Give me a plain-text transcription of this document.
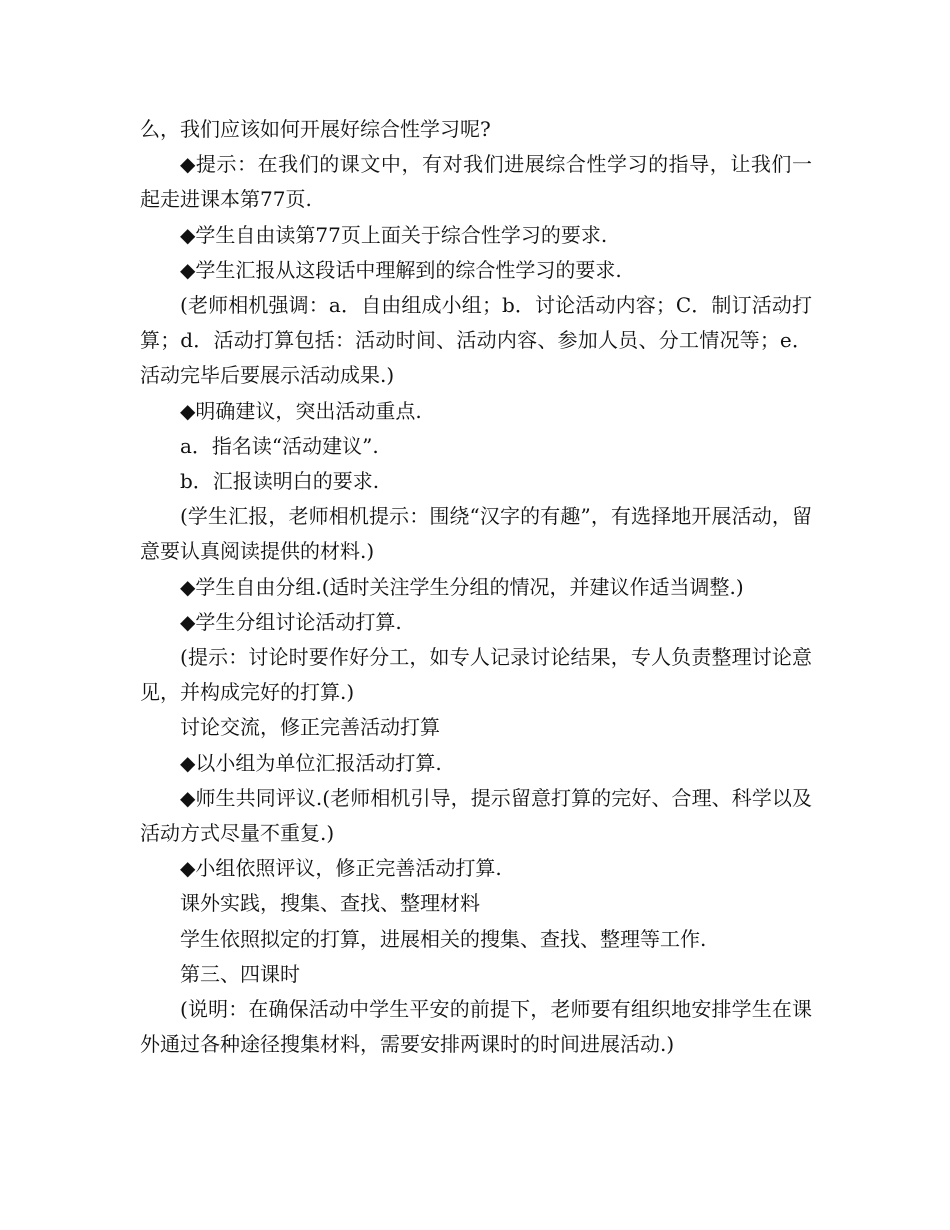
么，我们应该如何开展好综合性学习呢?

◆提示：在我们的课文中，有对我们进展综合性学习的指导，让我们一起走进课本第77页.

◆学生自由读第77页上面关于综合性学习的要求.

◆学生汇报从这段话中理解到的综合性学习的要求.

(老师相机强调：a．自由组成小组；b．讨论活动内容；C．制订活动打算；d．活动打算包括：活动时间、活动内容、参加人员、分工情况等；e．活动完毕后要展示活动成果.)

◆明确建议，突出活动重点.

a．指名读“活动建议”.

b．汇报读明白的要求.

(学生汇报，老师相机提示：围绕“汉字的有趣”，有选择地开展活动，留意要认真阅读提供的材料.)

◆学生自由分组.(适时关注学生分组的情况，并建议作适当调整.)

◆学生分组讨论活动打算.

(提示：讨论时要作好分工，如专人记录讨论结果，专人负责整理讨论意见，并构成完好的打算.)

讨论交流，修正完善活动打算

◆以小组为单位汇报活动打算.

◆师生共同评议.(老师相机引导，提示留意打算的完好、合理、科学以及活动方式尽量不重复.)

◆小组依照评议，修正完善活动打算.

课外实践，搜集、查找、整理材料

学生依照拟定的打算，进展相关的搜集、查找、整理等工作.

第三、四课时

(说明：在确保活动中学生平安的前提下，老师要有组织地安排学生在课外通过各种途径搜集材料，需要安排两课时的时间进展活动.)
